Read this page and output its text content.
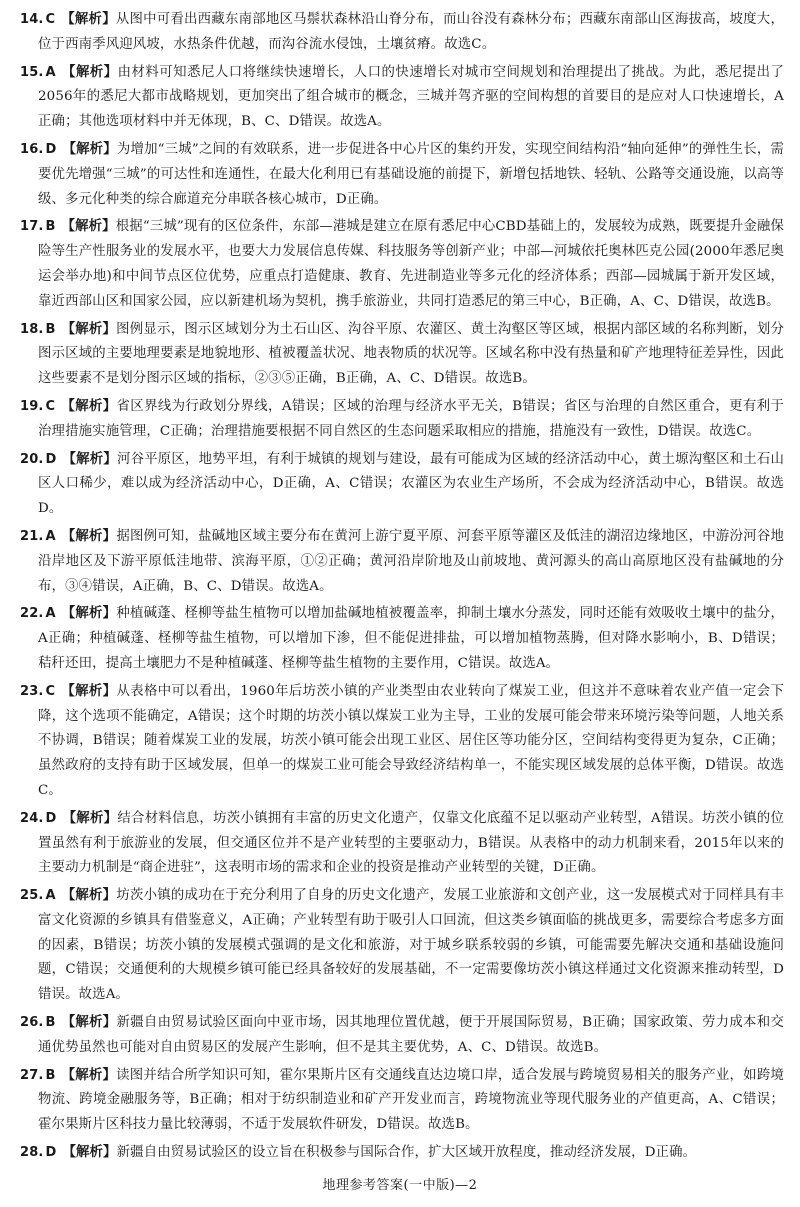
14. C 【解析】从图中可看出西藏东南部地区马鬃状森林沿山脊分布，而山谷没有森林分布；西藏东南部山区海拔高，坡度大，位于西南季风迎风坡，水热条件优越，而沟谷流水侵蚀，土壤贫瘠。故选C。

15. A 【解析】由材料可知悉尼人口将继续快速增长，人口的快速增长对城市空间规划和治理提出了挑战。为此，悉尼提出了2056年的悉尼大都市战略规划，更加突出了组合城市的概念，三城并驾齐驱的空间构想的首要目的是应对人口快速增长，A正确；其他选项材料中并无体现，B、C、D错误。故选A。

16. D 【解析】为增加“三城”之间的有效联系，进一步促进各中心片区的集约开发，实现空间结构沿“轴向延伸”的弹性生长，需要优先增强“三城”的可达性和连通性，在最大化利用已有基础设施的前提下，新增包括地铁、轻轨、公路等交通设施，以高等级、多元化种类的综合廊道充分串联各核心城市，D正确。

17. B 【解析】根据“三城”现有的区位条件，东部—港城是建立在原有悉尼中心CBD基础上的，发展较为成熟，既要提升金融保险等生产性服务业的发展水平，也要大力发展信息传媒、科技服务等创新产业；中部—河城依托奥林匹克公园(2000年悉尼奥运会举办地)和中间节点区位优势，应重点打造健康、教育、先进制造业等多元化的经济体系；西部—园城属于新开发区域，靠近西部山区和国家公园，应以新建机场为契机，携手旅游业，共同打造悉尼的第三中心，B正确，A、C、D错误，故选B。

18. B 【解析】图例显示，图示区域划分为土石山区、沟谷平原、农灌区、黄土沟壑区等区域，根据内部区域的名称判断，划分图示区域的主要地理要素是地貌地形、植被覆盖状况、地表物质的状况等。区域名称中没有热量和矿产地理特征差异性，因此这些要素不是划分图示区域的指标，②③⑤正确，B正确，A、C、D错误。故选B。

19. C 【解析】省区界线为行政划分界线，A错误；区域的治理与经济水平无关，B错误；省区与治理的自然区重合，更有利于治理措施实施管理，C正确；治理措施要根据不同自然区的生态问题采取相应的措施，措施没有一致性，D错误。故选C。

20. D 【解析】河谷平原区，地势平坦，有利于城镇的规划与建设，最有可能成为区域的经济活动中心，黄土塬沟壑区和土石山区人口稀少，难以成为经济活动中心，D正确，A、C错误；农灌区为农业生产场所，不会成为经济活动中心，B错误。故选D。

21. A 【解析】据图例可知，盐碱地区域主要分布在黄河上游宁夏平原、河套平原等灌区及低洼的湖沼边缘地区，中游汾河谷地沿岸地区及下游平原低洼地带、滨海平原，①②正确；黄河沿岸阶地及山前坡地、黄河源头的高山高原地区没有盐碱地的分布，③④错误，A正确，B、C、D错误。故选A。

22. A 【解析】种植碱蓬、柽柳等盐生植物可以增加盐碱地植被覆盖率，抑制土壤水分蒸发，同时还能有效吸收土壤中的盐分，A正确；种植碱蓬、柽柳等盐生植物，可以增加下渗，但不能促进排盐，可以增加植物蒸腾，但对降水影响小，B、D错误；秸秆还田，提高土壤肥力不是种植碱蓬、柽柳等盐生植物的主要作用，C错误。故选A。

23. C 【解析】从表格中可以看出，1960年后坊茨小镇的产业类型由农业转向了煤炭工业，但这并不意味着农业产值一定会下降，这个选项不能确定，A错误；这个时期的坊茨小镇以煤炭工业为主导，工业的发展可能会带来环境污染等问题，人地关系不协调，B错误；随着煤炭工业的发展，坊茨小镇可能会出现工业区、居住区等功能分区，空间结构变得更为复杂，C正确；虽然政府的支持有助于区域发展，但单一的煤炭工业可能会导致经济结构单一，不能实现区域发展的总体平衡，D错误。故选C。

24. D 【解析】结合材料信息，坊茨小镇拥有丰富的历史文化遗产，仅靠文化底蕴不足以驱动产业转型，A错误。坊茨小镇的位置虽然有利于旅游业的发展，但交通区位并不是产业转型的主要驱动力，B错误。从表格中的动力机制来看，2015年以来的主要动力机制是“商企进驻”，这表明市场的需求和企业的投资是推动产业转型的关键，D正确。

25. A 【解析】坊茨小镇的成功在于充分利用了自身的历史文化遗产，发展工业旅游和文创产业，这一发展模式对于同样具有丰富文化资源的乡镇具有借鉴意义，A正确；产业转型有助于吸引人口回流，但这类乡镇面临的挑战更多，需要综合考虑多方面的因素，B错误；坊茨小镇的发展模式强调的是文化和旅游，对于城乡联系较弱的乡镇，可能需要先解决交通和基础设施问题，C错误；交通便利的大规模乡镇可能已经具备较好的发展基础，不一定需要像坊茨小镇这样通过文化资源来推动转型，D错误。故选A。

26. B 【解析】新疆自由贸易试验区面向中亚市场，因其地理位置优越，便于开展国际贸易，B正确；国家政策、劳力成本和交通优势虽然也可能对自由贸易区的发展产生影响，但不是其主要优势，A、C、D错误。故选B。

27. B 【解析】读图并结合所学知识可知，霍尔果斯片区有交通线直达边境口岸，适合发展与跨境贸易相关的服务产业，如跨境物流、跨境金融服务等，B正确；相对于纺织制造业和矿产开发业而言，跨境物流业等现代服务业的产值更高，A、C错误；霍尔果斯片区科技力量比较薄弱，不适于发展软件研发，D错误。故选B。

28. D 【解析】新疆自由贸易试验区的设立旨在积极参与国际合作，扩大区域开放程度，推动经济发展，D正确。

地理参考答案(一中版)—2
